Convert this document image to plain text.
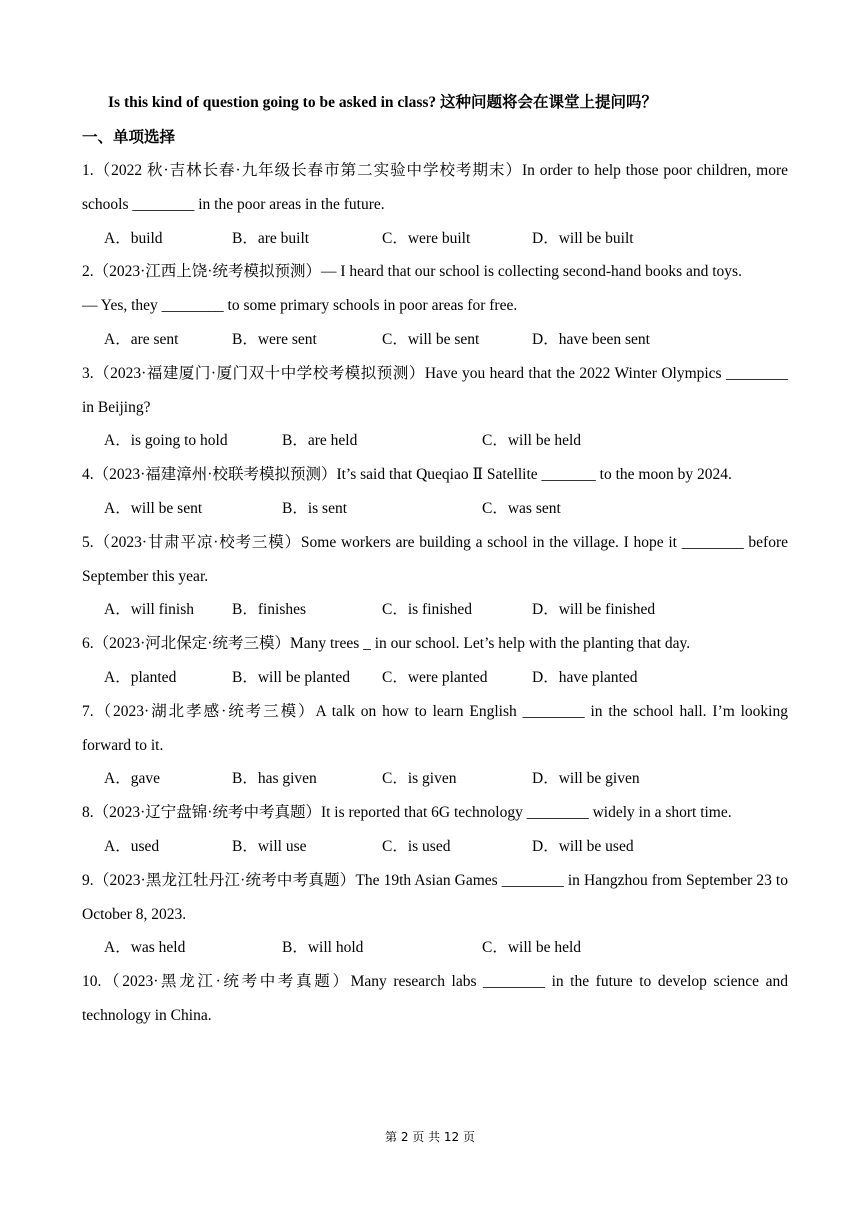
Is this kind of question going to be asked in class? 这种问题将会在课堂上提问吗？
一、单项选择
1.（2022 秋·吉林长春·九年级长春市第二实验中学校考期末）In order to help those poor children, more schools ________ in the poor areas in the future.
A．build	B．are built	C．were built	D．will be built
2.（2023·江西上饶·统考模拟预测）— I heard that our school is collecting second-hand books and toys.
— Yes, they ________ to some primary schools in poor areas for free.
A．are sent	B．were sent	C．will be sent	D．have been sent
3.（2023·福建厦门·厦门双十中学校考模拟预测）Have you heard that the 2022 Winter Olympics ________ in Beijing?
A．is going to hold	B．are held	C．will be held
4.（2023·福建漳州·校联考模拟预测）It’s said that Queqiao Ⅱ Satellite _______ to the moon by 2024.
A．will be sent	B．is sent	C．was sent
5.（2023·甘肃平凉·校考三模）Some workers are building a school in the village. I hope it ________ before September this year.
A．will finish B．finishes	C．is finished	D．will be finished
6.（2023·河北保定·统考三模）Many trees _ in our school. Let’s help with the planting that day.
A．planted	B．will be planted C．were planted	D．have planted
7.（2023·湖北孝感·统考三模）A talk on how to learn English ________ in the school hall. I’m looking forward to it.
A．gave	B．has given	C．is given	D．will be given
8.（2023·辽宁盘锦·统考中考真题）It is reported that 6G technology ________ widely in a short time.
A．used	B．will use	C．is used	D．will be used
9.（2023·黑龙江牡丹江·统考中考真题）The 19th Asian Games ________ in Hangzhou from September 23 to October 8, 2023.
A．was held	B．will hold	C．will be held
10.（2023·黑龙江·统考中考真题）Many research labs ________ in the future to develop science and technology in China.
第 2 页 共 12 页
